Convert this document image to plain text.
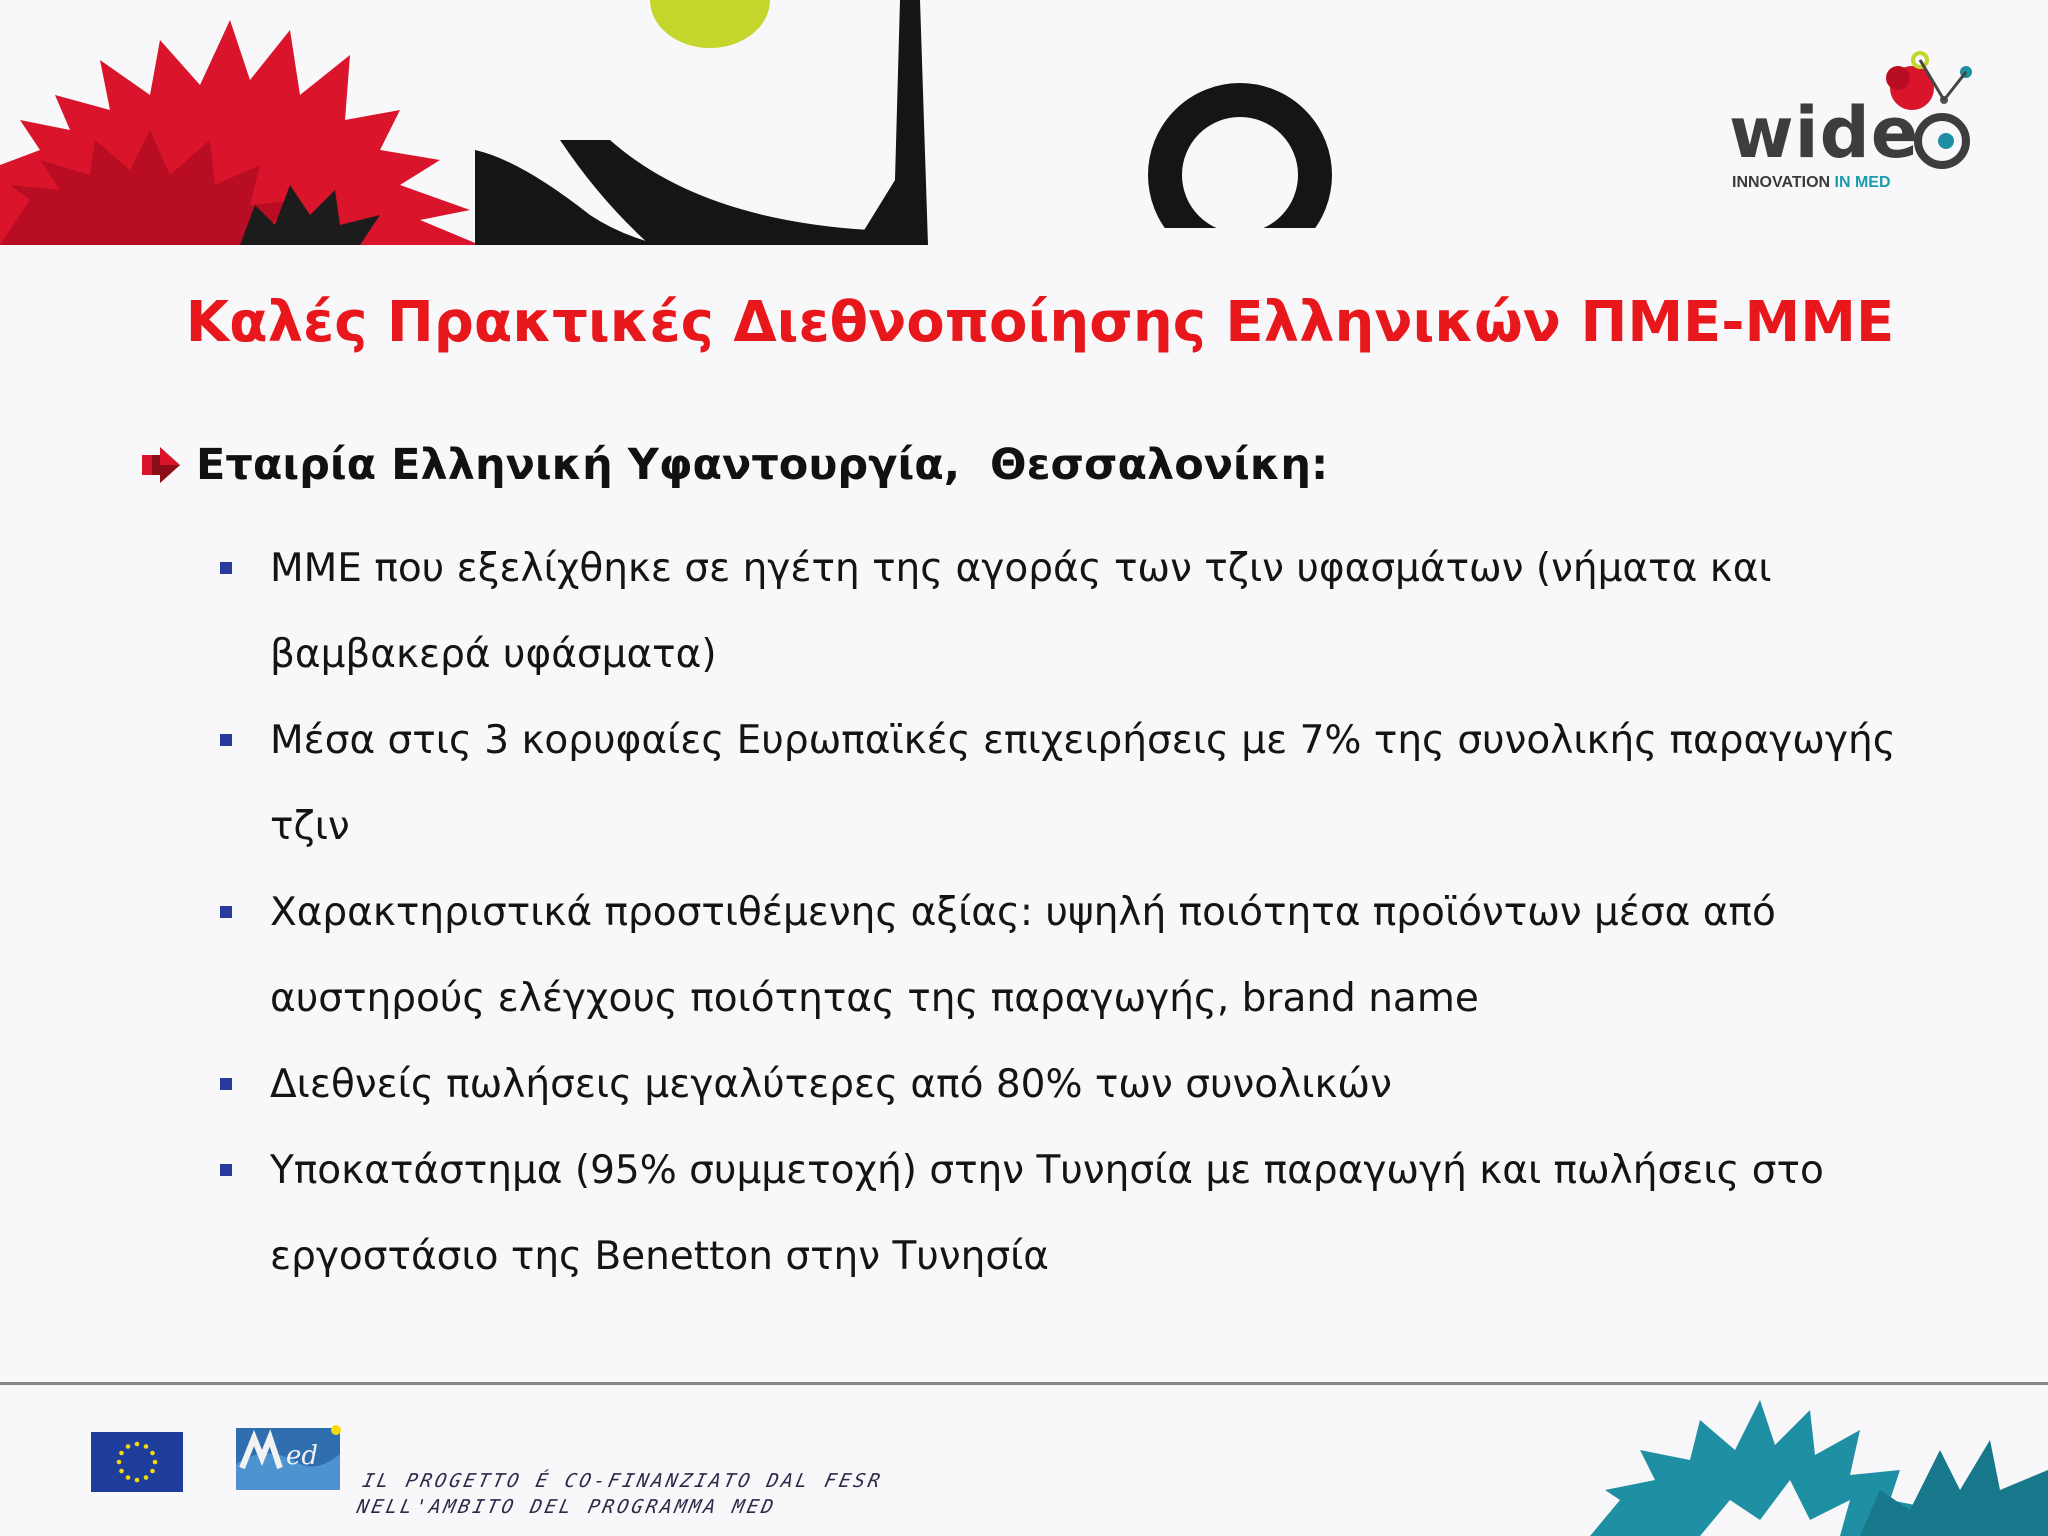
wide
INNOVATION IN MED
Καλές Πρακτικές Διεθνοποίησης Ελληνικών ΠΜΕ-ΜΜΕ
Εταιρία Ελληνική Υφαντουργία,  Θεσσαλονίκη:
ΜΜΕ που εξελίχθηκε σε ηγέτη της αγοράς των τζιν υφασμάτων (νήματα και βαμβακερά υφάσματα)
Μέσα στις 3 κορυφαίες Ευρωπαϊκές επιχειρήσεις με 7% της συνολικής παραγωγής τζιν
Χαρακτηριστικά προστιθέμενης αξίας: υψηλή ποιότητα προϊόντων μέσα από αυστηρούς ελέγχους ποιότητας της παραγωγής, brand name
Διεθνείς πωλήσεις μεγαλύτερες από 80% των συνολικών
Υποκατάστημα (95% συμμετοχή) στην Τυνησία με παραγωγή και πωλήσεις στο εργοστάσιο της Benetton στην Τυνησία
ed
IL PROGETTO É CO-FINANZIATO DAL FESR
NELL'AMBITO DEL PROGRAMMA MED
